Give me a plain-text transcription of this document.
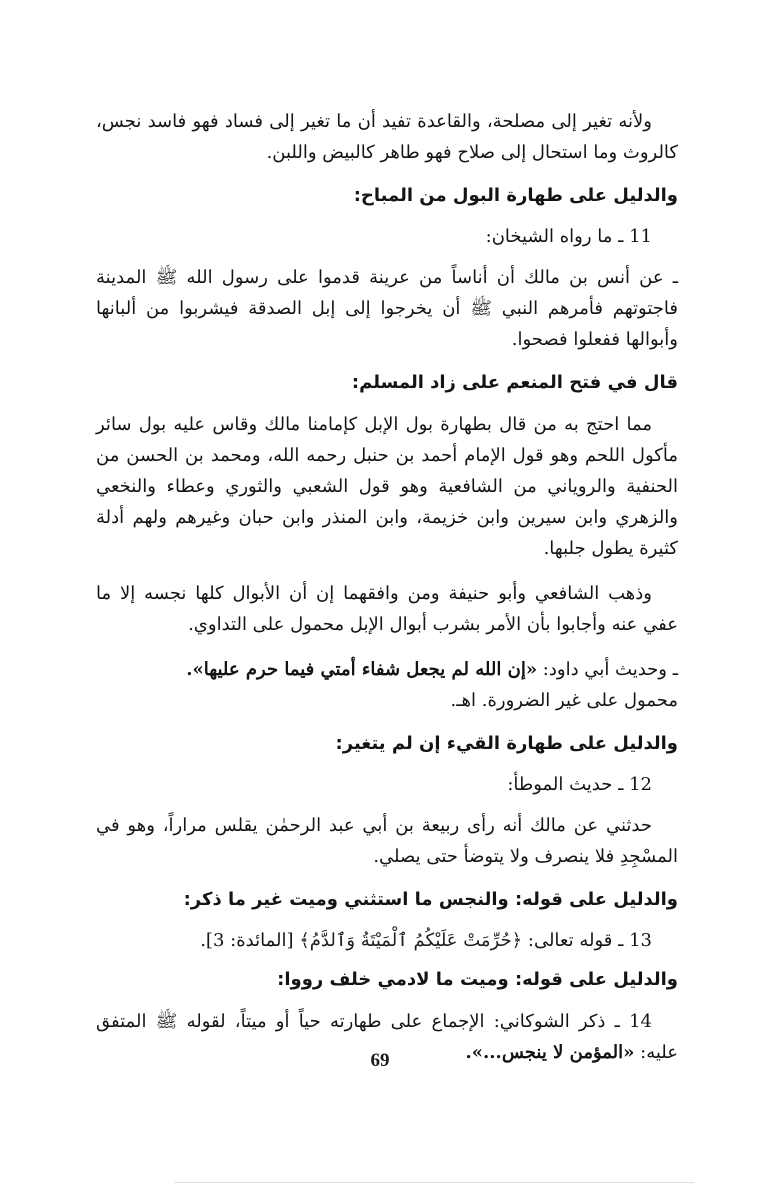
ولأنه تغير إلى مصلحة، والقاعدة تفيد أن ما تغير إلى فساد فهو فاسد نجس، كالروث وما استحال إلى صلاح فهو طاهر كالبيض واللبن.

والدليل على طهارة البول من المباح:
11 ـ ما رواه الشيخان:

ـ عن أنس بن مالك أن أناساً من عرينة قدموا على رسول الله ﷺ المدينة فاجتوتهم فأمرهم النبي ﷺ أن يخرجوا إلى إبل الصدقة فيشربوا من ألبانها وأبوالها ففعلوا فصحوا.

قال في فتح المنعم على زاد المسلم:

مما احتج به من قال بطهارة بول الإبل كإمامنا مالك وقاس عليه بول سائر مأكول اللحم وهو قول الإمام أحمد بن حنبل رحمه الله، ومحمد بن الحسن من الحنفية والروياني من الشافعية وهو قول الشعبي والثوري وعطاء والنخعي والزهري وابن سيرين وابن خزيمة، وابن المنذر وابن حبان وغيرهم ولهم أدلة كثيرة يطول جلبها.

وذهب الشافعي وأبو حنيفة ومن وافقهما إن أن الأبوال كلها نجسه إلا ما عفي عنه وأجابوا بأن الأمر بشرب أبوال الإبل محمول على التداوي.

ـ وحديث أبي داود: «إن الله لم يجعل شفاء أمتي فيما حرم عليها».
محمول على غير الضرورة. اهـ.

والدليل على طهارة القيء إن لم يتغير:
12 ـ حديث الموطأ:

حدثني عن مالك أنه رأى ربيعة بن أبي عبد الرحمٰن يقلس مراراً، وهو في المسْجِدِ فلا ينصرف ولا يتوضأ حتى يصلي.

والدليل على قوله: والنجس ما استثني وميت غير ما ذكر:
13 ـ قوله تعالى: ﴿حُرِّمَتْ عَلَيْكُمُ ٱلْمَيْتَةُ وَٱلدَّمُ﴾ [المائدة: 3].
والدليل على قوله: وميت ما لادمي خلف رووا:

14 ـ ذكر الشوكاني: الإجماع على طهارته حياً أو ميتاً، لقوله ﷺ المتفق عليه: «المؤمن لا ينجس...».

69
